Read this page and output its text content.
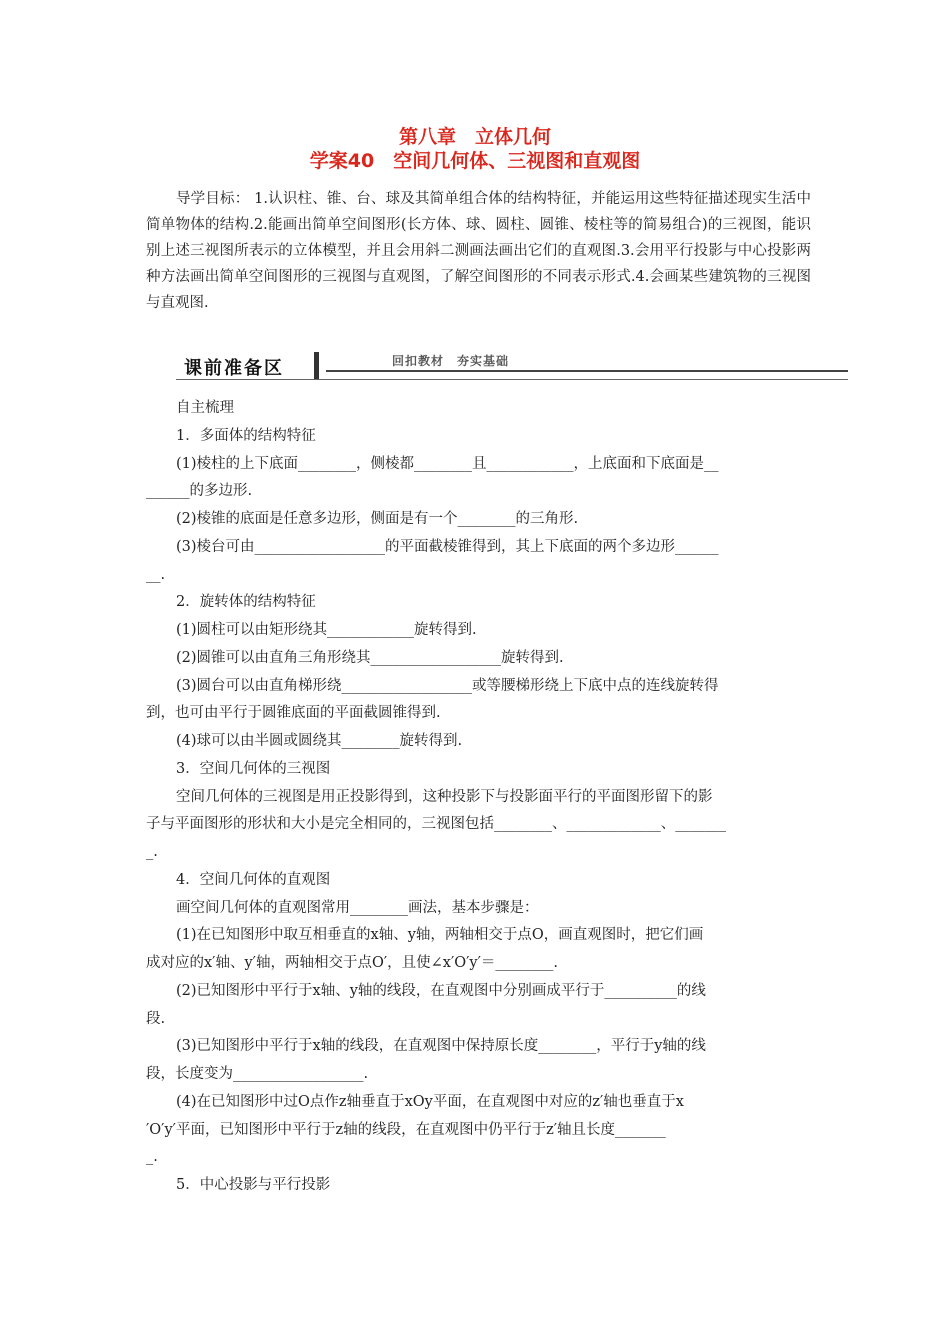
第八章　立体几何
学案40　空间几何体、三视图和直观图
导学目标： 1.认识柱、锥、台、球及其简单组合体的结构特征，并能运用这些特征描述现实生活中简单物体的结构.2.能画出简单空间图形(长方体、球、圆柱、圆锥、棱柱等的简易组合)的三视图，能识别上述三视图所表示的立体模型，并且会用斜二测画法画出它们的直观图.3.会用平行投影与中心投影两种方法画出简单空间图形的三视图与直观图，了解空间图形的不同表示形式.4.会画某些建筑物的三视图与直观图.
课前准备区	回扣教材　夯实基础
自主梳理
1．多面体的结构特征
(1)棱柱的上下底面________，侧棱都________且____________，上底面和下底面是__
______的多边形.
(2)棱锥的底面是任意多边形，侧面是有一个________的三角形.
(3)棱台可由__________________的平面截棱锥得到，其上下底面的两个多边形______
__.
2．旋转体的结构特征
(1)圆柱可以由矩形绕其____________旋转得到.
(2)圆锥可以由直角三角形绕其__________________旋转得到.
(3)圆台可以由直角梯形绕__________________或等腰梯形绕上下底中点的连线旋转得
到，也可由平行于圆锥底面的平面截圆锥得到.
(4)球可以由半圆或圆绕其________旋转得到.
3．空间几何体的三视图
空间几何体的三视图是用正投影得到，这种投影下与投影面平行的平面图形留下的影
子与平面图形的形状和大小是完全相同的，三视图包括________、_____________、_______
_.
4．空间几何体的直观图
画空间几何体的直观图常用________画法，基本步骤是：
(1)在已知图形中取互相垂直的x轴、y轴，两轴相交于点O，画直观图时，把它们画
成对应的x′轴、y′轴，两轴相交于点O′，且使∠x′O′y′＝________.
(2)已知图形中平行于x轴、y轴的线段，在直观图中分别画成平行于__________的线
段.
(3)已知图形中平行于x轴的线段，在直观图中保持原长度________，平行于y轴的线
段，长度变为__________________.
(4)在已知图形中过O点作z轴垂直于xOy平面，在直观图中对应的z′轴也垂直于x
′O′y′平面，已知图形中平行于z轴的线段，在直观图中仍平行于z′轴且长度_______
_.
5．中心投影与平行投影
